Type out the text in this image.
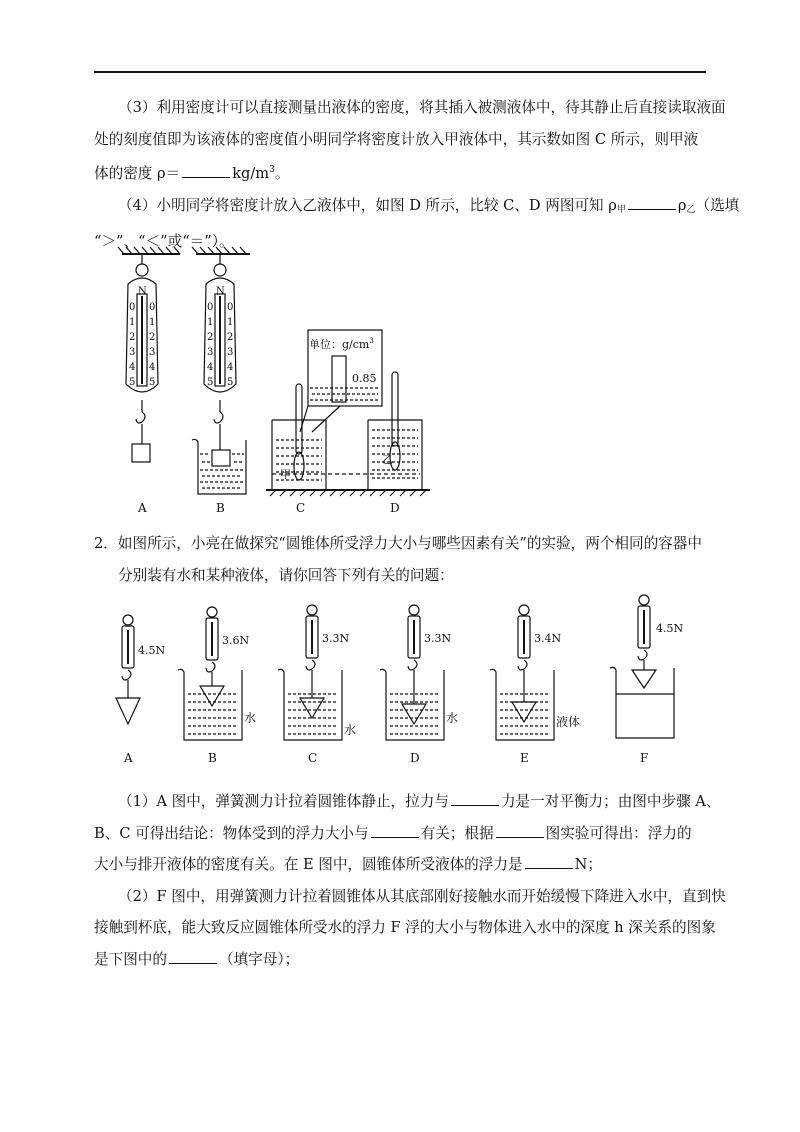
（3）利用密度计可以直接测量出液体的密度，将其插入被测液体中，待其静止后直接读取液面
处的刻度值即为该液体的密度值小明同学将密度计放入甲液体中，其示数如图 C 所示，则甲液
体的密度 ρ＝	$kg/m^3$。
（4）小明同学将密度计放入乙液体中，如图 D 所示，比较 C、D 两图可知 $\rho_甲$	$\rho_乙$（选填
“＞”、“＜”或“＝”）。
N
0
1
2
3
4
5
0
1
2
3
4
5
N
0
1
2
3
4
5
0
1
2
3
4
5
单位：$g/cm^3$
0.85
甲
乙
A	B	C	D
2．如图所示，小亮在做探究“圆锥体所受浮力大小与哪些因素有关”的实验，两个相同的容器中
分别装有水和某种液体，请你回答下列有关的问题：
4.5N
3.6N	3.3N	3.3N	3.4N
4.5N
水
水
水	液体
A	B	C	D	E	F
（1）A 图中，弹簧测力计拉着圆锥体静止，拉力与	力是一对平衡力；由图中步骤 A、
B、C 可得出结论：物体受到的浮力大小与	有关；根据	图实验可得出：浮力的
大小与排开液体的密度有关。在 E 图中，圆锥体所受液体的浮力是	N；
（2）F 图中，用弹簧测力计拉着圆锥体从其底部刚好接触水而开始缓慢下降进入水中，直到快
接触到杯底，能大致反应圆锥体所受水的浮力 F 浮的大小与物体进入水中的深度 h 深关系的图象
是下图中的	（填字母）；
